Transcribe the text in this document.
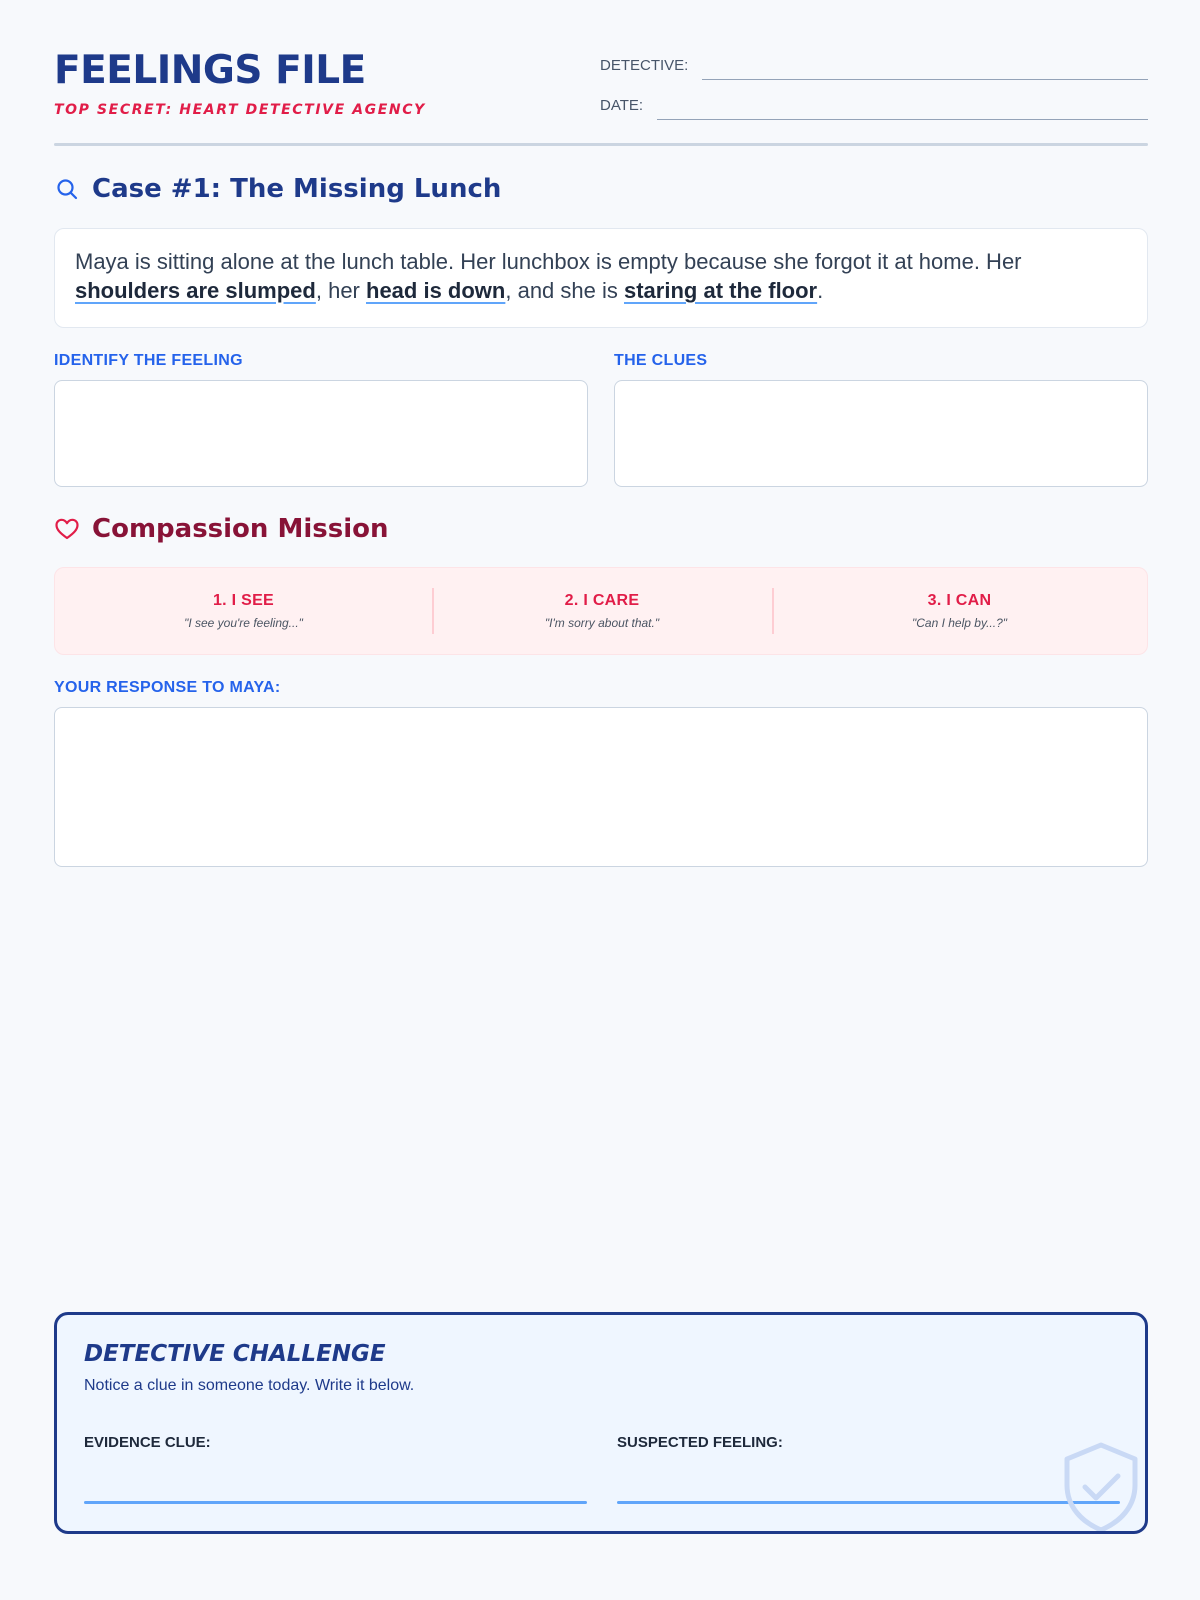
FEELINGS FILE
TOP SECRET: HEART DETECTIVE AGENCY
DETECTIVE:
DATE:
Case #1: The Missing Lunch
Maya is sitting alone at the lunch table. Her lunchbox is empty because she forgot it at home. Her shoulders are slumped, her head is down, and she is staring at the floor.
IDENTIFY THE FEELING	THE CLUES
Compassion Mission
1. I SEE
"I see you're feeling..."
2. I CARE
"I'm sorry about that."
3. I CAN
"Can I help by...?"
YOUR RESPONSE TO MAYA:
DETECTIVE CHALLENGE
Notice a clue in someone today. Write it below.
EVIDENCE CLUE:	SUSPECTED FEELING:
